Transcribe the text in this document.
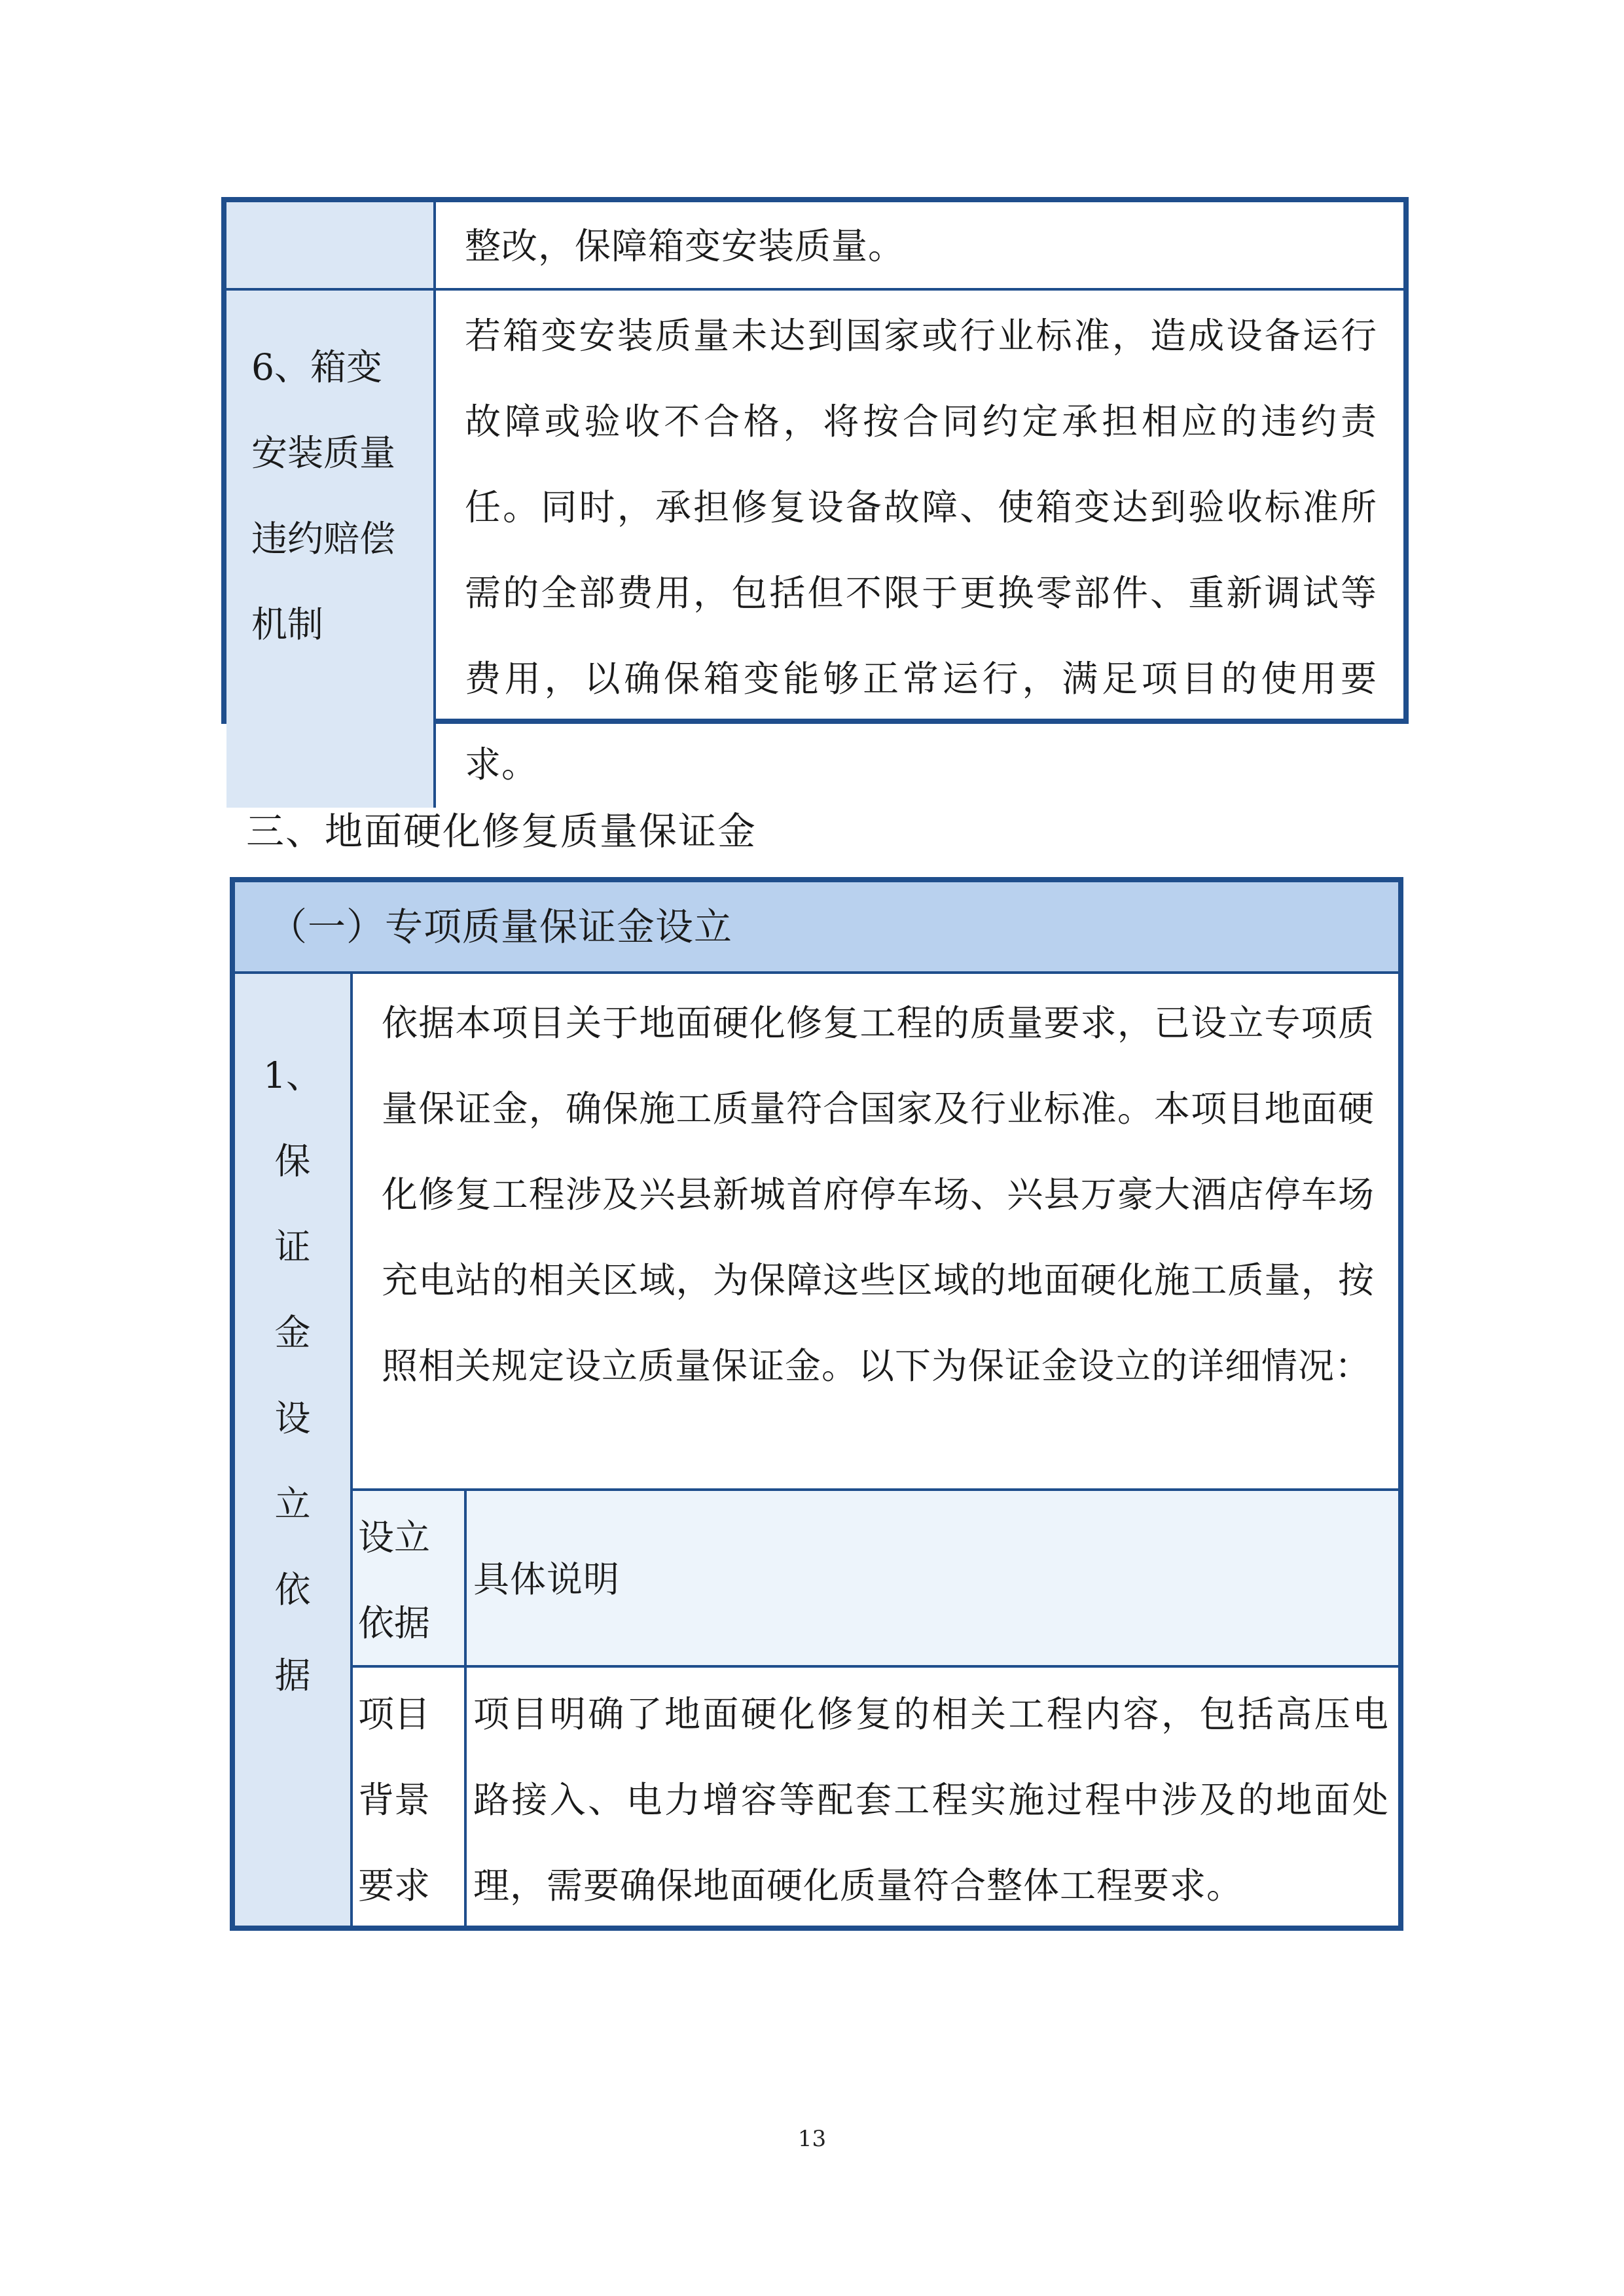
整改，保障箱变安装质量。
6、箱变安装质量违约赔偿机制
若箱变安装质量未达到国家或行业标准，造成设备运行故障或验收不合格，将按合同约定承担相应的违约责任。同时，承担修复设备故障、使箱变达到验收标准所需的全部费用，包括但不限于更换零部件、重新调试等费用，以确保箱变能够正常运行，满足项目的使用要求。
三、地面硬化修复质量保证金
（一）专项质量保证金设立
1、
保
证
金
设
立
依
据
依据本项目关于地面硬化修复工程的质量要求，已设立专项质量保证金，确保施工质量符合国家及行业标准。本项目地面硬化修复工程涉及兴县新城首府停车场、兴县万豪大酒店停车场充电站的相关区域，为保障这些区域的地面硬化施工质量，按照相关规定设立质量保证金。以下为保证金设立的详细情况：
设立依据
具体说明
项目背景要求
项目明确了地面硬化修复的相关工程内容，包括高压电路接入、电力增容等配套工程实施过程中涉及的地面处理，需要确保地面硬化质量符合整体工程要求。
13
